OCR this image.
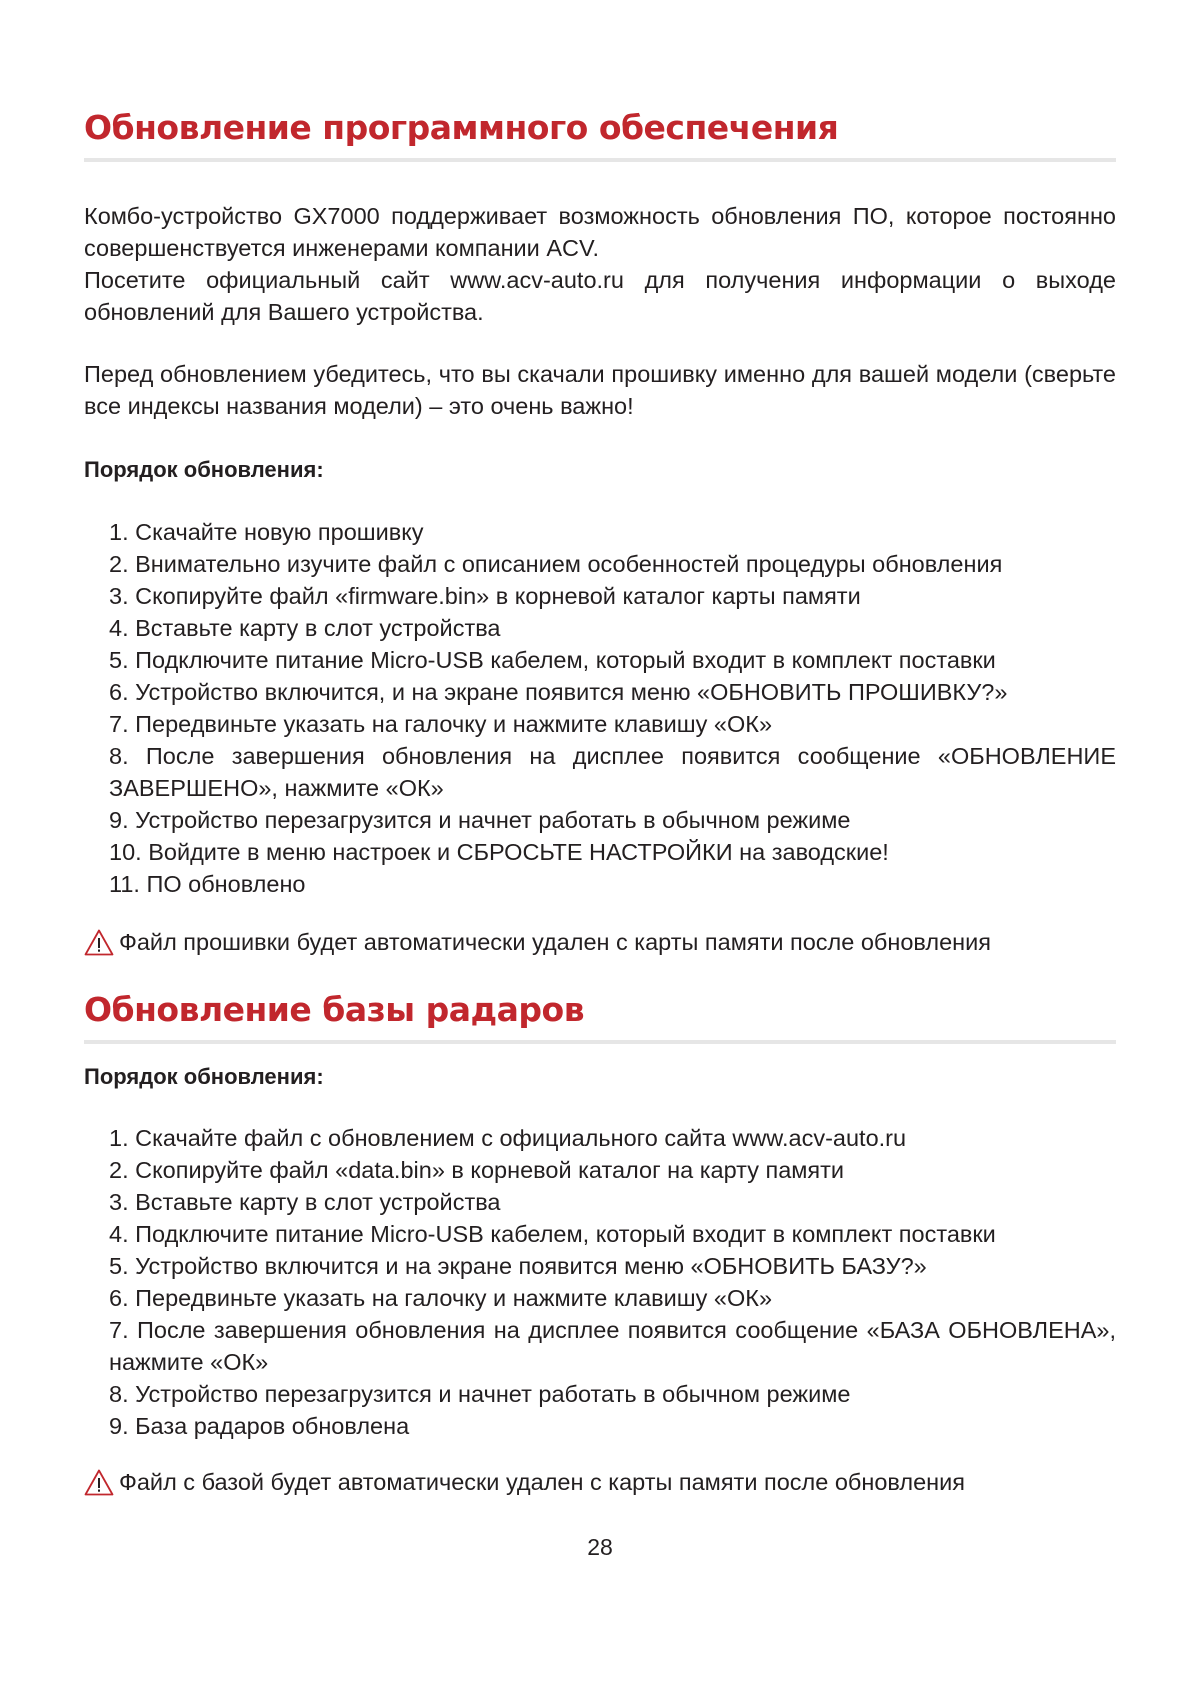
Обновление программного обеспечения

Комбо-устройство GX7000 поддерживает возможность обновления ПО, которое постоянно совершенствуется инженерами компании ACV.

Посетите официальный сайт www.acv-auto.ru для получения информации о выходе обновлений для Вашего устройства.

Перед обновлением убедитесь, что вы скачали прошивку именно для вашей модели (сверьте все индексы названия модели) – это очень важно!

Порядок обновления:
1. Скачайте новую прошивку
2. Внимательно изучите файл с описанием особенностей процедуры обновления
3. Скопируйте файл «firmware.bin» в корневой каталог карты памяти
4. Вставьте карту в слот устройства
5. Подключите питание Micro-USB кабелем, который входит в комплект поставки
6. Устройство включится, и на экране появится меню «ОБНОВИТЬ ПРОШИВКУ?»
7. Передвиньте указать на галочку и нажмите клавишу «ОК»
8. После завершения обновления на дисплее появится сообщение «ОБНОВЛЕНИЕ ЗАВЕРШЕНО», нажмите «ОК»
9. Устройство перезагрузится и начнет работать в обычном режиме
10. Войдите в меню настроек и СБРОСЬТЕ НАСТРОЙКИ на заводские!
11. ПО обновлено
Файл прошивки будет автоматически удален с карты памяти после обновления
Обновление базы радаров
Порядок обновления:
1. Скачайте файл с обновлением с официального сайта www.acv-auto.ru
2. Скопируйте файл «data.bin» в корневой каталог на карту памяти
3. Вставьте карту в слот устройства
4. Подключите питание Micro-USB кабелем, который входит в комплект поставки
5. Устройство включится и на экране появится меню «ОБНОВИТЬ БАЗУ?»
6. Передвиньте указать на галочку и нажмите клавишу «ОК»
7. После завершения обновления на дисплее появится сообщение «БАЗА ОБНОВЛЕНА», нажмите «ОК»
8. Устройство перезагрузится и начнет работать в обычном режиме
9. База радаров обновлена
Файл с базой будет автоматически удален с карты памяти после обновления
28
